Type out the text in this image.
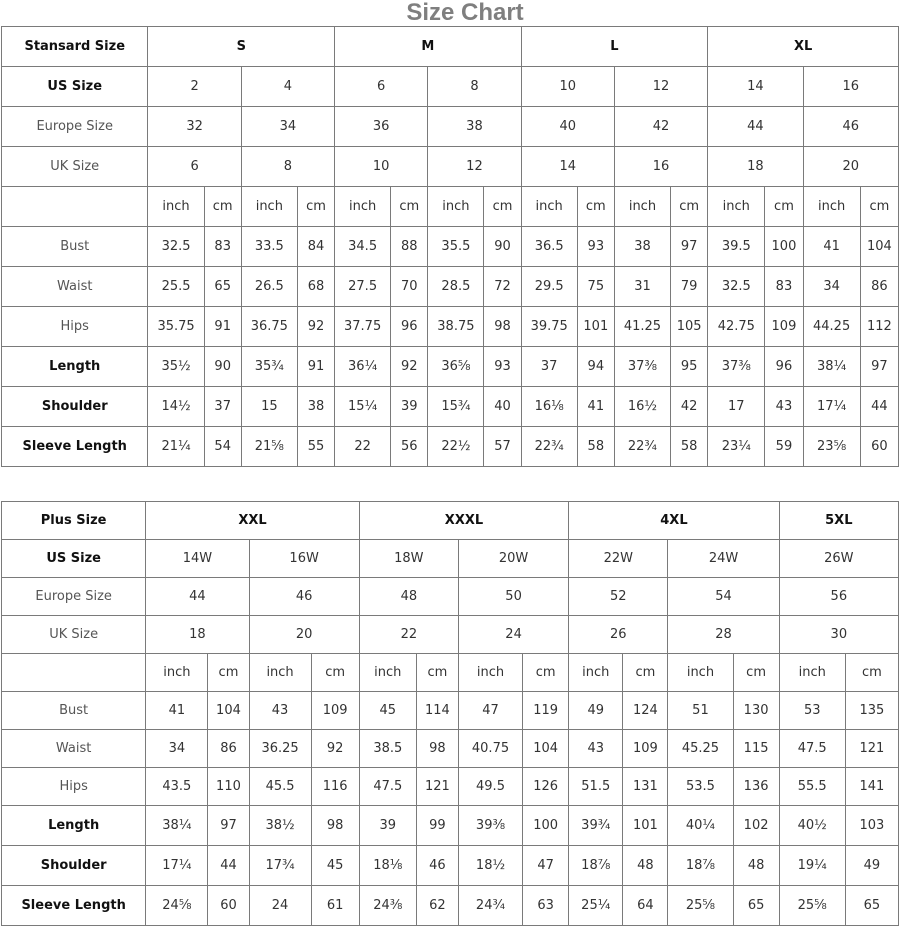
Size Chart
Stansard Size	S				M				L				XL			
US Size	2		4		6		8		10		12		14		16	
Europe Size	32		34		36		38		40		42		44		46	
UK Size	6		8		10		12		14		16		18		20	
	inch	cm	inch	cm	inch	cm	inch	cm	inch	cm	inch	cm	inch	cm	inch	cm
Bust	32.5	83	33.5	84	34.5	88	35.5	90	36.5	93	38	97	39.5	100	41	104
Waist	25.5	65	26.5	68	27.5	70	28.5	72	29.5	75	31	79	32.5	83	34	86
Hips	35.75	91	36.75	92	37.75	96	38.75	98	39.75	101	41.25	105	42.75	109	44.25	112
Length	35½	90	35¾	91	36¼	92	36⅝	93	37	94	37⅜	95	37⅜	96	38¼	97
Shoulder	14½	37	15	38	15¼	39	15¾	40	16⅛	41	16½	42	17	43	17¼	44
Sleeve Length	21¼	54	21⅝	55	22	56	22½	57	22¾	58	22¾	58	23¼	59	23⅝	60
Plus Size	XXL				XXXL				4XL				5XL	
US Size	14W		16W		18W		20W		22W		24W		26W	
Europe Size	44		46		48		50		52		54		56	
UK Size	18		20		22		24		26		28		30	
	inch	cm	inch	cm	inch	cm	inch	cm	inch	cm	inch	cm	inch	cm
Bust	41	104	43	109	45	114	47	119	49	124	51	130	53	135
Waist	34	86	36.25	92	38.5	98	40.75	104	43	109	45.25	115	47.5	121
Hips	43.5	110	45.5	116	47.5	121	49.5	126	51.5	131	53.5	136	55.5	141
Length	38¼	97	38½	98	39	99	39⅜	100	39¾	101	40¼	102	40½	103
Shoulder	17¼	44	17¾	45	18⅛	46	18½	47	18⅞	48	18⅞	48	19¼	49
Sleeve Length	24⅝	60	24	61	24⅜	62	24¾	63	25¼	64	25⅝	65	25⅝	65
